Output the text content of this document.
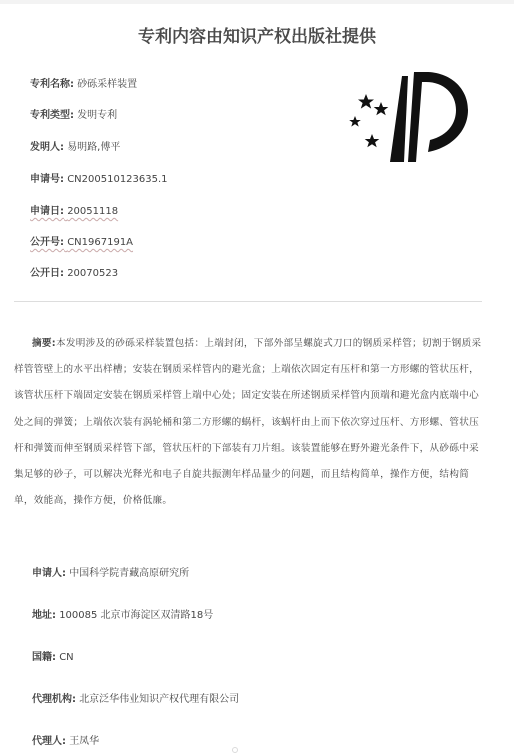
专利内容由知识产权出版社提供
专利名称: 砂砾采样装置
专利类型: 发明专利
发明人: 易明路,傅平
申请号: CN200510123635.1
申请日: 20051118
公开号: CN1967191A
公开日: 20070523
摘要:本发明涉及的砂砾采样装置包括：上端封闭，下部外部呈螺旋式刀口的钢质采样管；切割于钢质采样管管壁上的水平出样槽；安装在钢质采样管内的避光盒；上端依次固定有压杆和第一方形螺的管状压杆，该管状压杆下端固定安装在钢质采样管上端中心处；固定安装在所述钢质采样管内顶端和避光盒内底端中心处之间的弹簧；上端依次装有涡轮桶和第二方形螺的蜗杆，该蜗杆由上而下依次穿过压杆、方形螺、管状压杆和弹簧而伸至钢质采样管下部，管状压杆的下部装有刀片组。该装置能够在野外避光条件下，从砂砾中采集足够的砂子，可以解决光释光和电子自旋共振测年样品量少的问题，而且结构简单，操作方便，结构简单，效能高，操作方便，价格低廉。
申请人: 中国科学院青藏高原研究所
地址: 100085 北京市海淀区双清路18号
国籍: CN
代理机构: 北京泛华伟业知识产权代理有限公司
代理人: 王凤华
